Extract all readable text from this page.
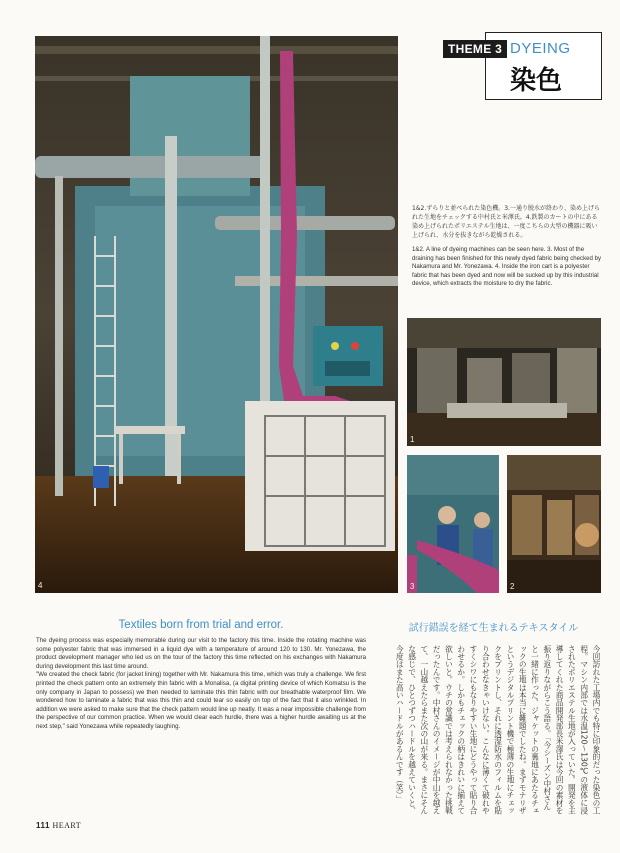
4
THEME 3 DYEING
染色
1&2.ずらりと並べられた染色機。3.一通り脱水が終わり、染め上げられた生地をチェックする中村氏と米澤氏。4.鉄製のカートの中にある染め上げられたポリエステル生地は、一度こちらの大型の機器に吸い上げられ、水分を抜きながら乾燥される。
1&2. A line of dyeing machines can be seen here. 3. Most of the draining has been finished for this newly dyed fabric being checked by Nakamura and Mr. Yonezawa. 4. Inside the iron cart is a polyester fabric that has been dyed and now will be sucked up by this industrial device, which extracts the moisture to dry the fabric.
1
3	2
Textiles born from trial and error.

The dyeing process was especially memorable during our visit to the factory this time. Inside the rotating machine was some polyester fabric that was immersed in a liquid dye with a temperature of around 120 to 130. Mr. Yonezawa, the product development manager who led us on the tour of the factory this time reflected on his exchanges with Nakamura during development this last time around.

"We created the check fabric (for jacket lining) together with Mr. Nakamura this time, which was truly a challenge. We first printed the check pattern onto an extremely thin fabric with a Monalisa, (a digital printing device of which Komatsu is the only company in Japan to possess) we then needed to laminate this thin fabric with our breathable waterproof film. We wondered how to laminate a fabric that was this thin and could tear so easily on top of the fact that it also wrinkled. In addition we were asked to make sure that the check pattern would line up neatly. It was a near impossible challenge from the perspective of our common practice. When we would clear each hurdle, there was a higher hurdle awaiting us at the next step," said Yonezawa while repeatedly laughing.

試行錯誤を経て生まれるテキスタイル
今回訪れた工場内でも特に印象的だった染色の工程。マシン内部では水温120〜130℃の液体に浸されたポリエステル生地が入っていた。開発を主導してくれた商品開発部長米澤氏は今回の素材を振り返りながらこう語る。「今シーズン中村さんと一緒に作った、ジャケットの裏地にあたるチェックの生地は本当に難題でしたね。まずモナリザというデジタルプリント機で極薄の生地にチェックをプリントし、それに透湿防水のフィルムを貼り合わせなきゃいけない。こんなに薄くて破れやすくシワにもなりやすい生地にどうやって貼り合わせるか。しかもチェックの柄はきれいに揃えて欲しいと。ウチの常識では考えられなかった挑戦だったんです。中村さんのイメージが中山を越えて、一山越えたらまた次の山が来る。まさにそんな感じで、ひとつずつハードルを越えていくと、今度はまた高いハードルがあるんです（笑）」
111 HEART
